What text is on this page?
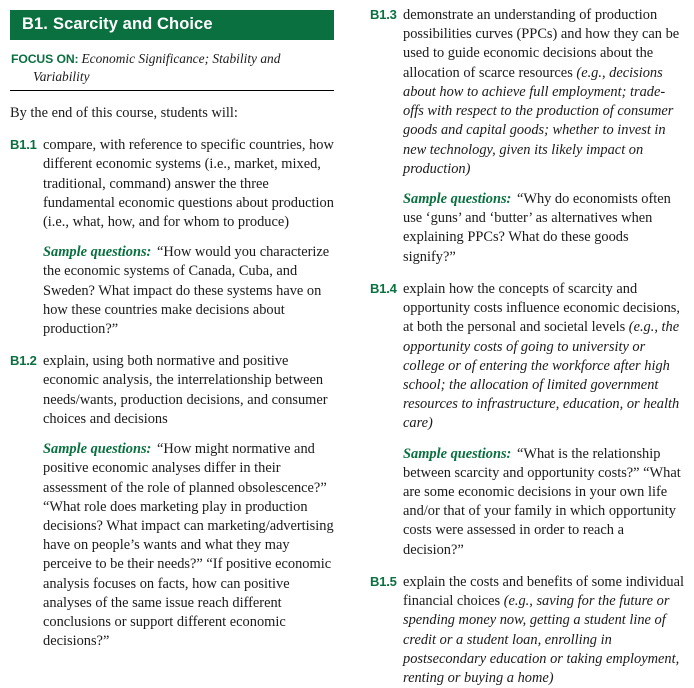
B1. Scarcity and Choice
FOCUS ON: Economic Significance; Stability and Variability
By the end of this course, students will:
B1.1 compare, with reference to specific countries, how different economic systems (i.e., market, mixed, traditional, command) answer the three fundamental economic questions about production (i.e., what, how, and for whom to produce)
Sample questions: “How would you characterize the economic systems of Canada, Cuba, and Sweden? What impact do these systems have on how these countries make decisions about production?”
B1.2 explain, using both normative and positive economic analysis, the interrelationship between needs/wants, production decisions, and consumer choices and decisions
Sample questions: “How might normative and positive economic analyses differ in their assessment of the role of planned obsolescence?” “What role does marketing play in production decisions? What impact can marketing/advertising have on people’s wants and what they may perceive to be their needs?” “If positive economic analysis focuses on facts, how can positive analyses of the same issue reach different conclusions or support different economic decisions?”
B1.3 demonstrate an understanding of production possibilities curves (PPCs) and how they can be used to guide economic decisions about the allocation of scarce resources (e.g., decisions about how to achieve full employment; trade-offs with respect to the production of consumer goods and capital goods; whether to invest in new technology, given its likely impact on production)
Sample questions: “Why do economists often use ‘guns’ and ‘butter’ as alternatives when explaining PPCs? What do these goods signify?”
B1.4 explain how the concepts of scarcity and opportunity costs influence economic decisions, at both the personal and societal levels (e.g., the opportunity costs of going to university or college or of entering the workforce after high school; the allocation of limited government resources to infrastructure, education, or health care)
Sample questions: “What is the relationship between scarcity and opportunity costs?” “What are some economic decisions in your own life and/or that of your family in which opportunity costs were assessed in order to reach a decision?”
B1.5 explain the costs and benefits of some individual financial choices (e.g., saving for the future or spending money now, getting a student line of credit or a student loan, enrolling in postsecondary education or taking employment, renting or buying a home)
